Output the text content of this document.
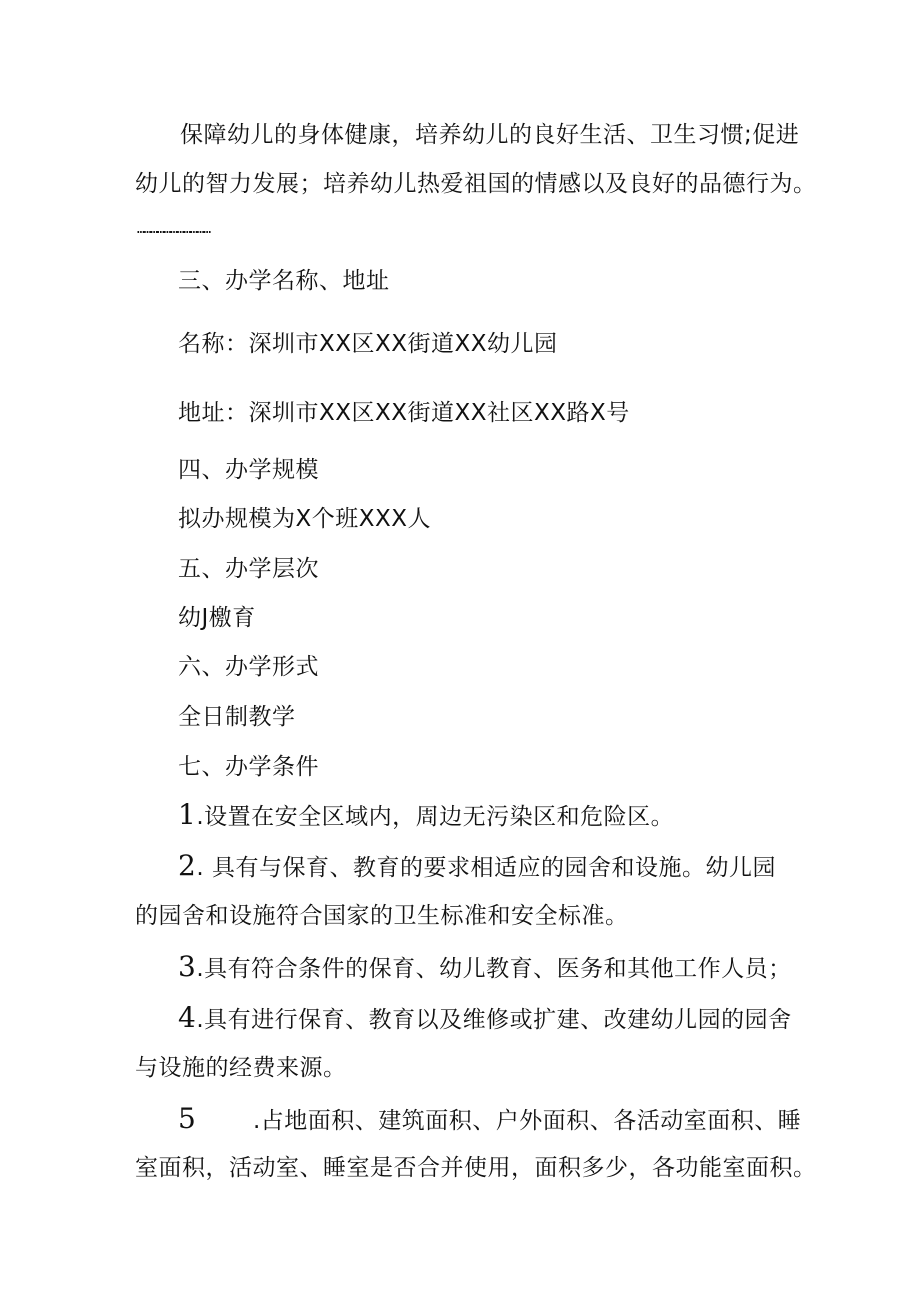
保障幼儿的身体健康，培养幼儿的良好生活、卫生习惯;促进
幼儿的智力发展；培养幼儿热爱祖国的情感以及良好的品德行为。
……………………………
三、办学名称、地址
名称：深圳市XX区XX街道XX幼儿园
地址：深圳市XX区XX街道XX社区XX路X号
四、办学规模
拟办规模为X个班XXX人
五、办学层次
幼J檄育
六、办学形式
全日制教学
七、办学条件
1.设置在安全区域内，周边无污染区和危险区。
2. 具有与保育、教育的要求相适应的园舍和设施。幼儿园
的园舍和设施符合国家的卫生标准和安全标准。
3.具有符合条件的保育、幼儿教育、医务和其他工作人员；
4.具有进行保育、教育以及维修或扩建、改建幼儿园的园舍
与设施的经费来源。
5 .占地面积、建筑面积、户外面积、各活动室面积、睡
室面积，活动室、睡室是否合并使用，面积多少，各功能室面积。
